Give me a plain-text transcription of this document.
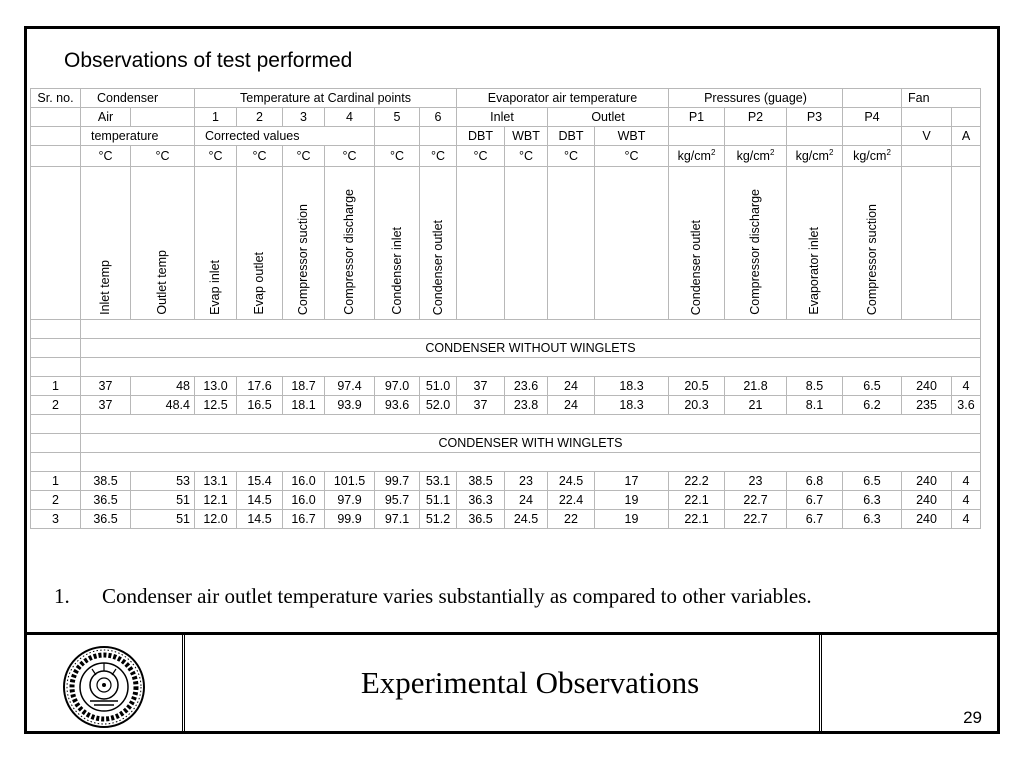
Observations of test performed
Sr. no.	Condenser		Temperature at Cardinal points						Evaporator air temperature				Pressures (guage)				Fan	
	Air		1	2	3	4	5	6	Inlet		Outlet		P1	P2	P3	P4		
	temperature		Corrected values						DBT	WBT	DBT	WBT					V	A
	°C	°C	°C	°C	°C	°C	°C	°C	°C	°C	°C	°C	$kg/cm^2$	$kg/cm^2$	$kg/cm^2$	$kg/cm^2$		

	Inlet temp	Outlet temp	Evap inlet	Evap outlet	Compressor suction	Compressor discharge	Condenser inlet	Condenser outlet					Condenser outlet	Compressor discharge	Evaporator inlet	Compressor suction		

	CONDENSER WITHOUT WINGLETS																	

1	37	48	13.0	17.6	18.7	97.4	97.0	51.0	37	23.6	24	18.3	20.5	21.8	8.5	6.5	240	4
2	37	48.4	12.5	16.5	18.1	93.9	93.6	52.0	37	23.8	24	18.3	20.3	21	8.1	6.2	235	3.6

	CONDENSER WITH WINGLETS																	

1	38.5	53	13.1	15.4	16.0	101.5	99.7	53.1	38.5	23	24.5	17	22.2	23	6.8	6.5	240	4
2	36.5	51	12.1	14.5	16.0	97.9	95.7	51.1	36.3	24	22.4	19	22.1	22.7	6.7	6.3	240	4
3	36.5	51	12.0	14.5	16.7	99.9	97.1	51.2	36.5	24.5	22	19	22.1	22.7	6.7	6.3	240	4
1. Condenser air outlet temperature varies substantially as compared to other variables.
Experimental Observations
29
